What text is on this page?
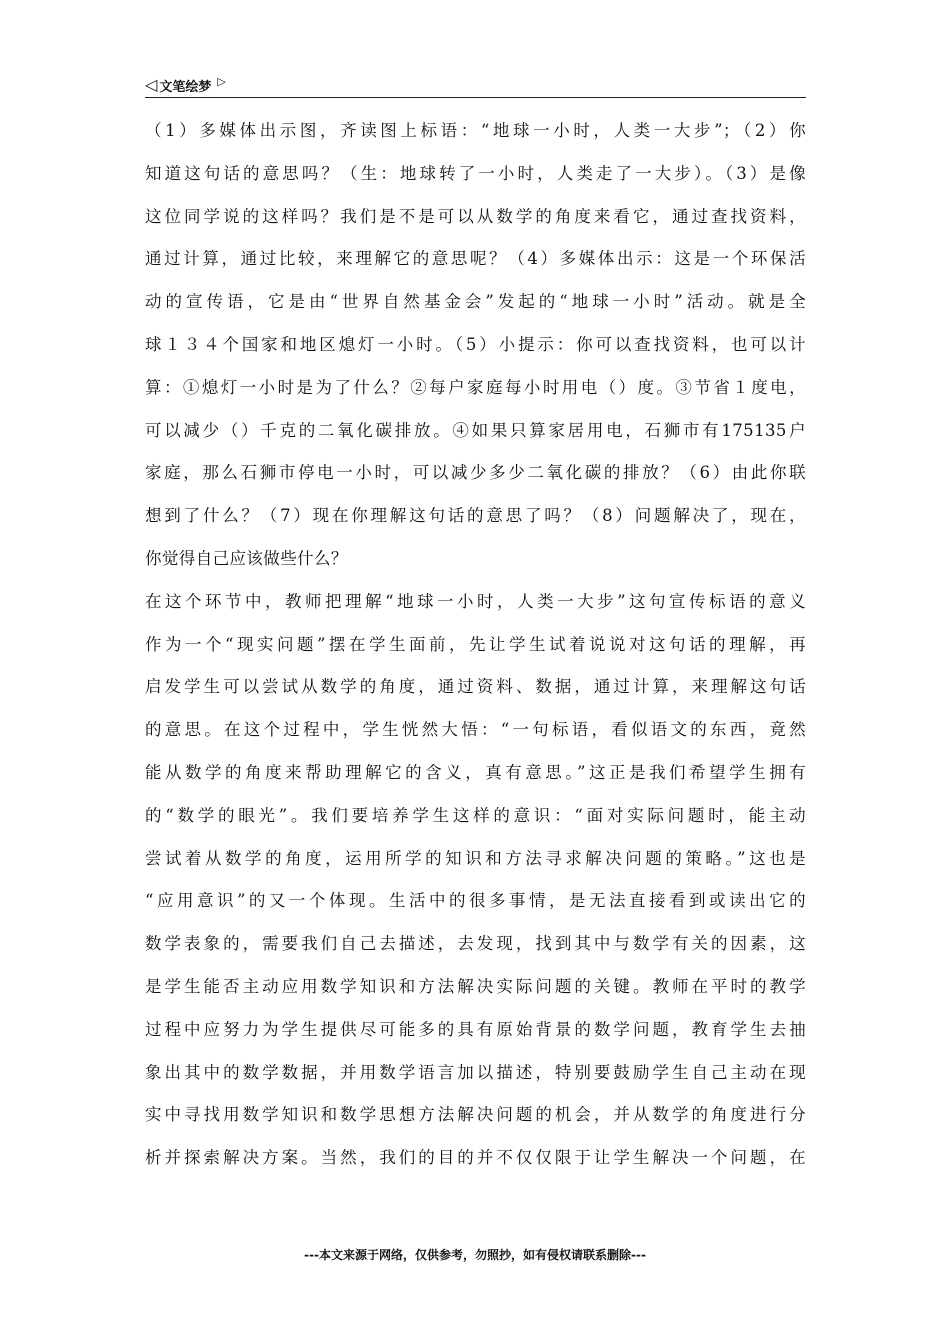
◁ 文笔绘梦 ▷
（1）多媒体出示图，齐读图上标语：“地球一小时，人类一大步”；（2）你
知道这句话的意思吗？（生：地球转了一小时，人类走了一大步）。（3）是像
这位同学说的这样吗？我们是不是可以从数学的角度来看它，通过查找资料，
通过计算，通过比较，来理解它的意思呢？（4）多媒体出示：这是一个环保活
动的宣传语，它是由“世界自然基金会”发起的“地球一小时”活动。就是全
球１３４个国家和地区熄灯一小时。（5）小提示：你可以查找资料，也可以计
算：①熄灯一小时是为了什么？②每户家庭每小时用电（）度。③节省１度电，
可以减少（）千克的二氧化碳排放。④如果只算家居用电，石狮市有175135户
家庭，那么石狮市停电一小时，可以减少多少二氧化碳的排放？（6）由此你联
想到了什么？（7）现在你理解这句话的意思了吗？（8）问题解决了，现在，
你觉得自己应该做些什么？
在这个环节中，教师把理解“地球一小时，人类一大步”这句宣传标语的意义
作为一个“现实问题”摆在学生面前，先让学生试着说说对这句话的理解，再
启发学生可以尝试从数学的角度，通过资料、数据，通过计算，来理解这句话
的意思。在这个过程中，学生恍然大悟：“一句标语，看似语文的东西，竟然
能从数学的角度来帮助理解它的含义，真有意思。”这正是我们希望学生拥有
的“数学的眼光”。我们要培养学生这样的意识：“面对实际问题时，能主动
尝试着从数学的角度，运用所学的知识和方法寻求解决问题的策略。”这也是
“应用意识”的又一个体现。生活中的很多事情，是无法直接看到或读出它的
数学表象的，需要我们自己去描述，去发现，找到其中与数学有关的因素，这
是学生能否主动应用数学知识和方法解决实际问题的关键。教师在平时的教学
过程中应努力为学生提供尽可能多的具有原始背景的数学问题，教育学生去抽
象出其中的数学数据，并用数学语言加以描述，特别要鼓励学生自己主动在现
实中寻找用数学知识和数学思想方法解决问题的机会，并从数学的角度进行分
析并探索解决方案。当然，我们的目的并不仅仅限于让学生解决一个问题，在
---本文来源于网络，仅供参考，勿照抄，如有侵权请联系删除---
